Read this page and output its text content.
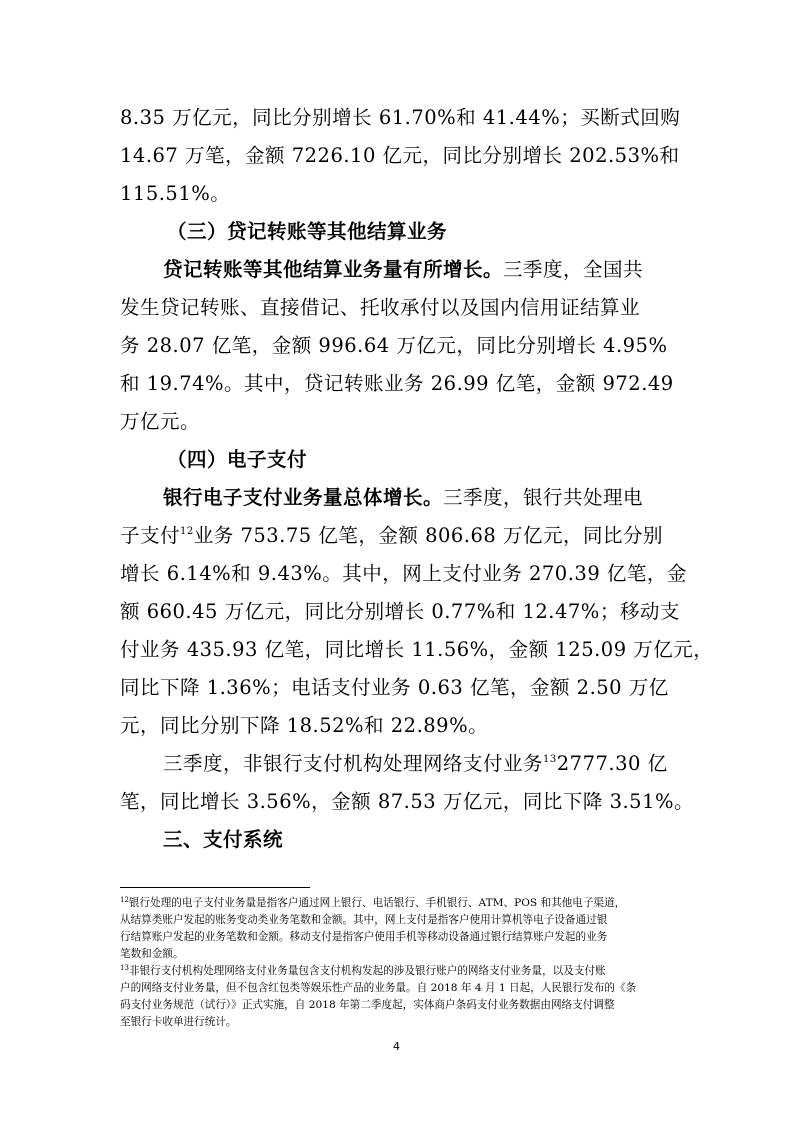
8.35 万亿元，同比分别增长 61.70%和 41.44%；买断式回购
14.67 万笔，金额 7226.10 亿元，同比分别增长 202.53%和
115.51%。
（三）贷记转账等其他结算业务
贷记转账等其他结算业务量有所增长。三季度，全国共
发生贷记转账、直接借记、托收承付以及国内信用证结算业
务 28.07 亿笔，金额 996.64 万亿元，同比分别增长 4.95%
和 19.74%。其中，贷记转账业务 26.99 亿笔，金额 972.49
万亿元。
（四）电子支付
银行电子支付业务量总体增长。三季度，银行共处理电
子支付$^{12}$业务 753.75 亿笔，金额 806.68 万亿元，同比分别
增长 6.14%和 9.43%。其中，网上支付业务 270.39 亿笔，金
额 660.45 万亿元，同比分别增长 0.77%和 12.47%；移动支
付业务 435.93 亿笔，同比增长 11.56%，金额 125.09 万亿元，
同比下降 1.36%；电话支付业务 0.63 亿笔，金额 2.50 万亿
元，同比分别下降 18.52%和 22.89%。
三季度，非银行支付机构处理网络支付业务$^{13}$2777.30 亿
笔，同比增长 3.56%，金额 87.53 万亿元，同比下降 3.51%。
三、支付系统
$^{12}$银行处理的电子支付业务量是指客户通过网上银行、电话银行、手机银行、ATM、POS 和其他电子渠道，
从结算类账户发起的账务变动类业务笔数和金额。其中，网上支付是指客户使用计算机等电子设备通过银
行结算账户发起的业务笔数和金额。移动支付是指客户使用手机等移动设备通过银行结算账户发起的业务
笔数和金额。
$^{13}$非银行支付机构处理网络支付业务量包含支付机构发起的涉及银行账户的网络支付业务量，以及支付账
户的网络支付业务量，但不包含红包类等娱乐性产品的业务量。自 2018 年 4 月 1 日起，人民银行发布的《条
码支付业务规范（试行）》正式实施，自 2018 年第二季度起，实体商户条码支付业务数据由网络支付调整
至银行卡收单进行统计。
4
